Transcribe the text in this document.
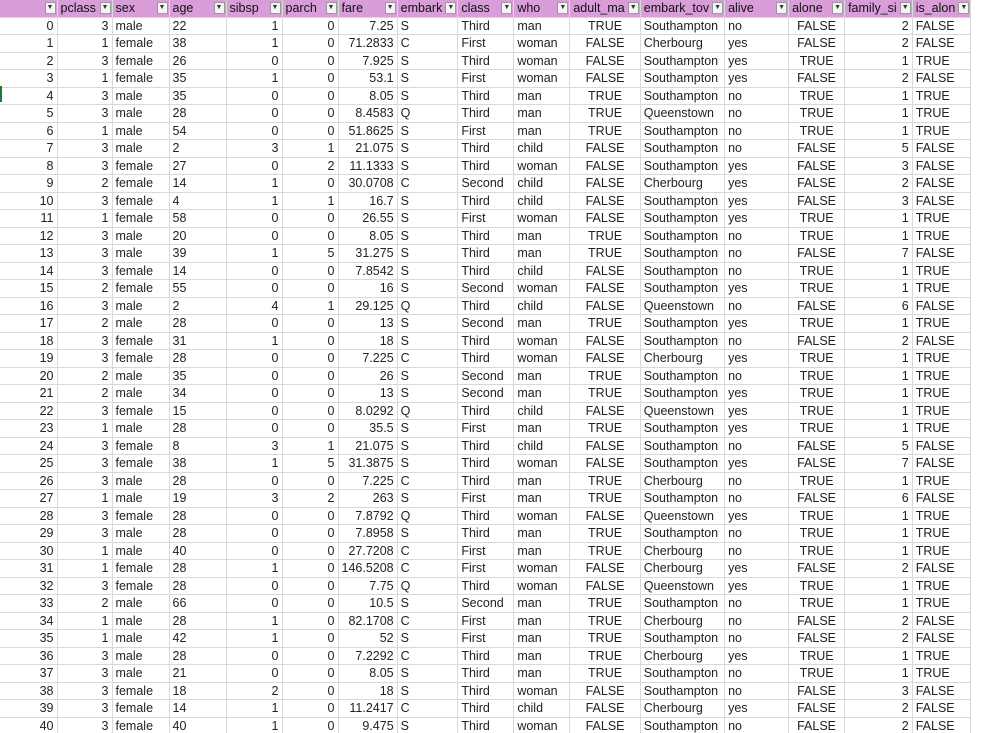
▼	pclass ▼	sex ▼	age ▼	sibsp ▼	parch ▼	fare ▼	embark ▼	class ▼	who ▼	adult_ma ▼	embark_tov ▼	alive ▼	alone ▼	family_si ▼	is_alon ▼

0	3	male	22	1	0	7.25	S	Third	man	TRUE	Southampton	no	FALSE	2	FALSE
1	1	female	38	1	0	71.2833	C	First	woman	FALSE	Cherbourg	yes	FALSE	2	FALSE
2	3	female	26	0	0	7.925	S	Third	woman	FALSE	Southampton	yes	TRUE	1	TRUE
3	1	female	35	1	0	53.1	S	First	woman	FALSE	Southampton	yes	FALSE	2	FALSE
4	3	male	35	0	0	8.05	S	Third	man	TRUE	Southampton	no	TRUE	1	TRUE
5	3	male	28	0	0	8.4583	Q	Third	man	TRUE	Queenstown	no	TRUE	1	TRUE
6	1	male	54	0	0	51.8625	S	First	man	TRUE	Southampton	no	TRUE	1	TRUE
7	3	male	2	3	1	21.075	S	Third	child	FALSE	Southampton	no	FALSE	5	FALSE
8	3	female	27	0	2	11.1333	S	Third	woman	FALSE	Southampton	yes	FALSE	3	FALSE
9	2	female	14	1	0	30.0708	C	Second	child	FALSE	Cherbourg	yes	FALSE	2	FALSE
10	3	female	4	1	1	16.7	S	Third	child	FALSE	Southampton	yes	FALSE	3	FALSE
11	1	female	58	0	0	26.55	S	First	woman	FALSE	Southampton	yes	TRUE	1	TRUE
12	3	male	20	0	0	8.05	S	Third	man	TRUE	Southampton	no	TRUE	1	TRUE
13	3	male	39	1	5	31.275	S	Third	man	TRUE	Southampton	no	FALSE	7	FALSE
14	3	female	14	0	0	7.8542	S	Third	child	FALSE	Southampton	no	TRUE	1	TRUE
15	2	female	55	0	0	16	S	Second	woman	FALSE	Southampton	yes	TRUE	1	TRUE
16	3	male	2	4	1	29.125	Q	Third	child	FALSE	Queenstown	no	FALSE	6	FALSE
17	2	male	28	0	0	13	S	Second	man	TRUE	Southampton	yes	TRUE	1	TRUE
18	3	female	31	1	0	18	S	Third	woman	FALSE	Southampton	no	FALSE	2	FALSE
19	3	female	28	0	0	7.225	C	Third	woman	FALSE	Cherbourg	yes	TRUE	1	TRUE
20	2	male	35	0	0	26	S	Second	man	TRUE	Southampton	no	TRUE	1	TRUE
21	2	male	34	0	0	13	S	Second	man	TRUE	Southampton	yes	TRUE	1	TRUE
22	3	female	15	0	0	8.0292	Q	Third	child	FALSE	Queenstown	yes	TRUE	1	TRUE
23	1	male	28	0	0	35.5	S	First	man	TRUE	Southampton	yes	TRUE	1	TRUE
24	3	female	8	3	1	21.075	S	Third	child	FALSE	Southampton	no	FALSE	5	FALSE
25	3	female	38	1	5	31.3875	S	Third	woman	FALSE	Southampton	yes	FALSE	7	FALSE
26	3	male	28	0	0	7.225	C	Third	man	TRUE	Cherbourg	no	TRUE	1	TRUE
27	1	male	19	3	2	263	S	First	man	TRUE	Southampton	no	FALSE	6	FALSE
28	3	female	28	0	0	7.8792	Q	Third	woman	FALSE	Queenstown	yes	TRUE	1	TRUE
29	3	male	28	0	0	7.8958	S	Third	man	TRUE	Southampton	no	TRUE	1	TRUE
30	1	male	40	0	0	27.7208	C	First	man	TRUE	Cherbourg	no	TRUE	1	TRUE
31	1	female	28	1	0	146.5208	C	First	woman	FALSE	Cherbourg	yes	FALSE	2	FALSE
32	3	female	28	0	0	7.75	Q	Third	woman	FALSE	Queenstown	yes	TRUE	1	TRUE
33	2	male	66	0	0	10.5	S	Second	man	TRUE	Southampton	no	TRUE	1	TRUE
34	1	male	28	1	0	82.1708	C	First	man	TRUE	Cherbourg	no	FALSE	2	FALSE
35	1	male	42	1	0	52	S	First	man	TRUE	Southampton	no	FALSE	2	FALSE
36	3	male	28	0	0	7.2292	C	Third	man	TRUE	Cherbourg	yes	TRUE	1	TRUE
37	3	male	21	0	0	8.05	S	Third	man	TRUE	Southampton	no	TRUE	1	TRUE
38	3	female	18	2	0	18	S	Third	woman	FALSE	Southampton	no	FALSE	3	FALSE
39	3	female	14	1	0	11.2417	C	Third	child	FALSE	Cherbourg	yes	FALSE	2	FALSE
40	3	female	40	1	0	9.475	S	Third	woman	FALSE	Southampton	no	FALSE	2	FALSE
